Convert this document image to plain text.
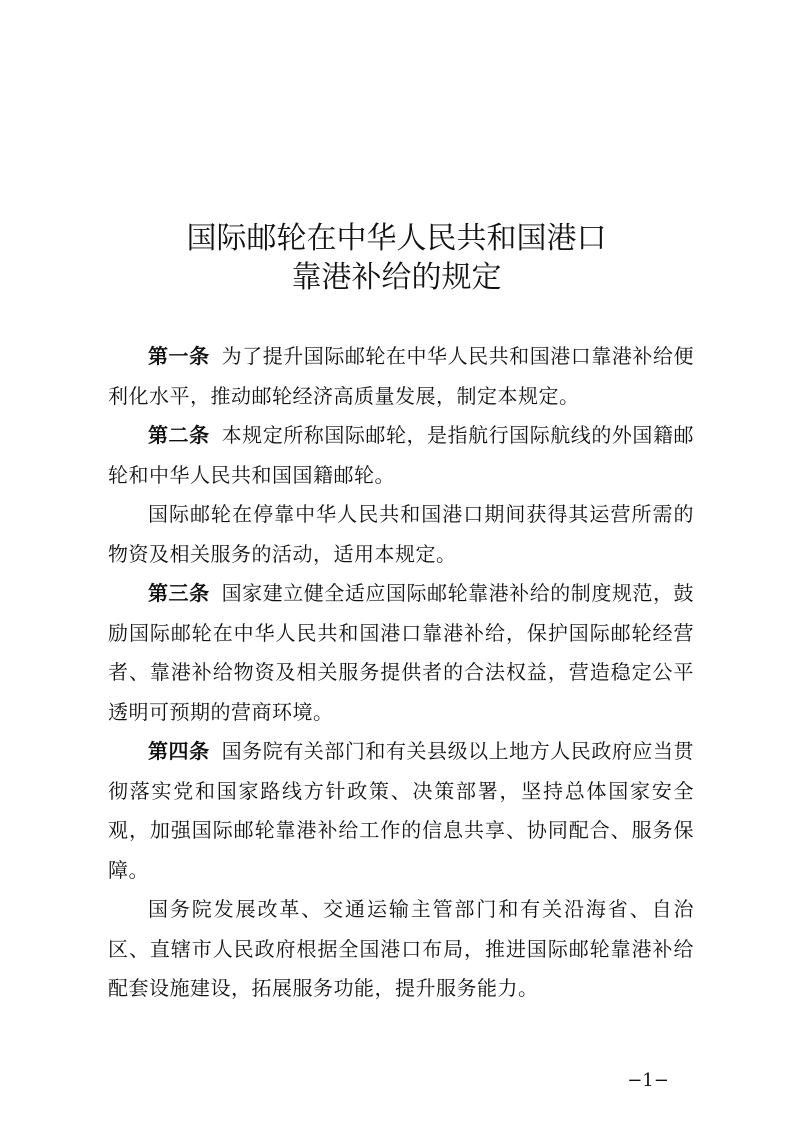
国际邮轮在中华人民共和国港口
靠港补给的规定

第一条 为了提升国际邮轮在中华人民共和国港口靠港补给便利化水平，推动邮轮经济高质量发展，制定本规定。

第二条 本规定所称国际邮轮，是指航行国际航线的外国籍邮轮和中华人民共和国国籍邮轮。

国际邮轮在停靠中华人民共和国港口期间获得其运营所需的物资及相关服务的活动，适用本规定。

第三条 国家建立健全适应国际邮轮靠港补给的制度规范，鼓励国际邮轮在中华人民共和国港口靠港补给，保护国际邮轮经营者、靠港补给物资及相关服务提供者的合法权益，营造稳定公平透明可预期的营商环境。

第四条 国务院有关部门和有关县级以上地方人民政府应当贯彻落实党和国家路线方针政策、决策部署，坚持总体国家安全观，加强国际邮轮靠港补给工作的信息共享、协同配合、服务保障。

国务院发展改革、交通运输主管部门和有关沿海省、自治区、直辖市人民政府根据全国港口布局，推进国际邮轮靠港补给配套设施建设，拓展服务功能，提升服务能力。

−1−
